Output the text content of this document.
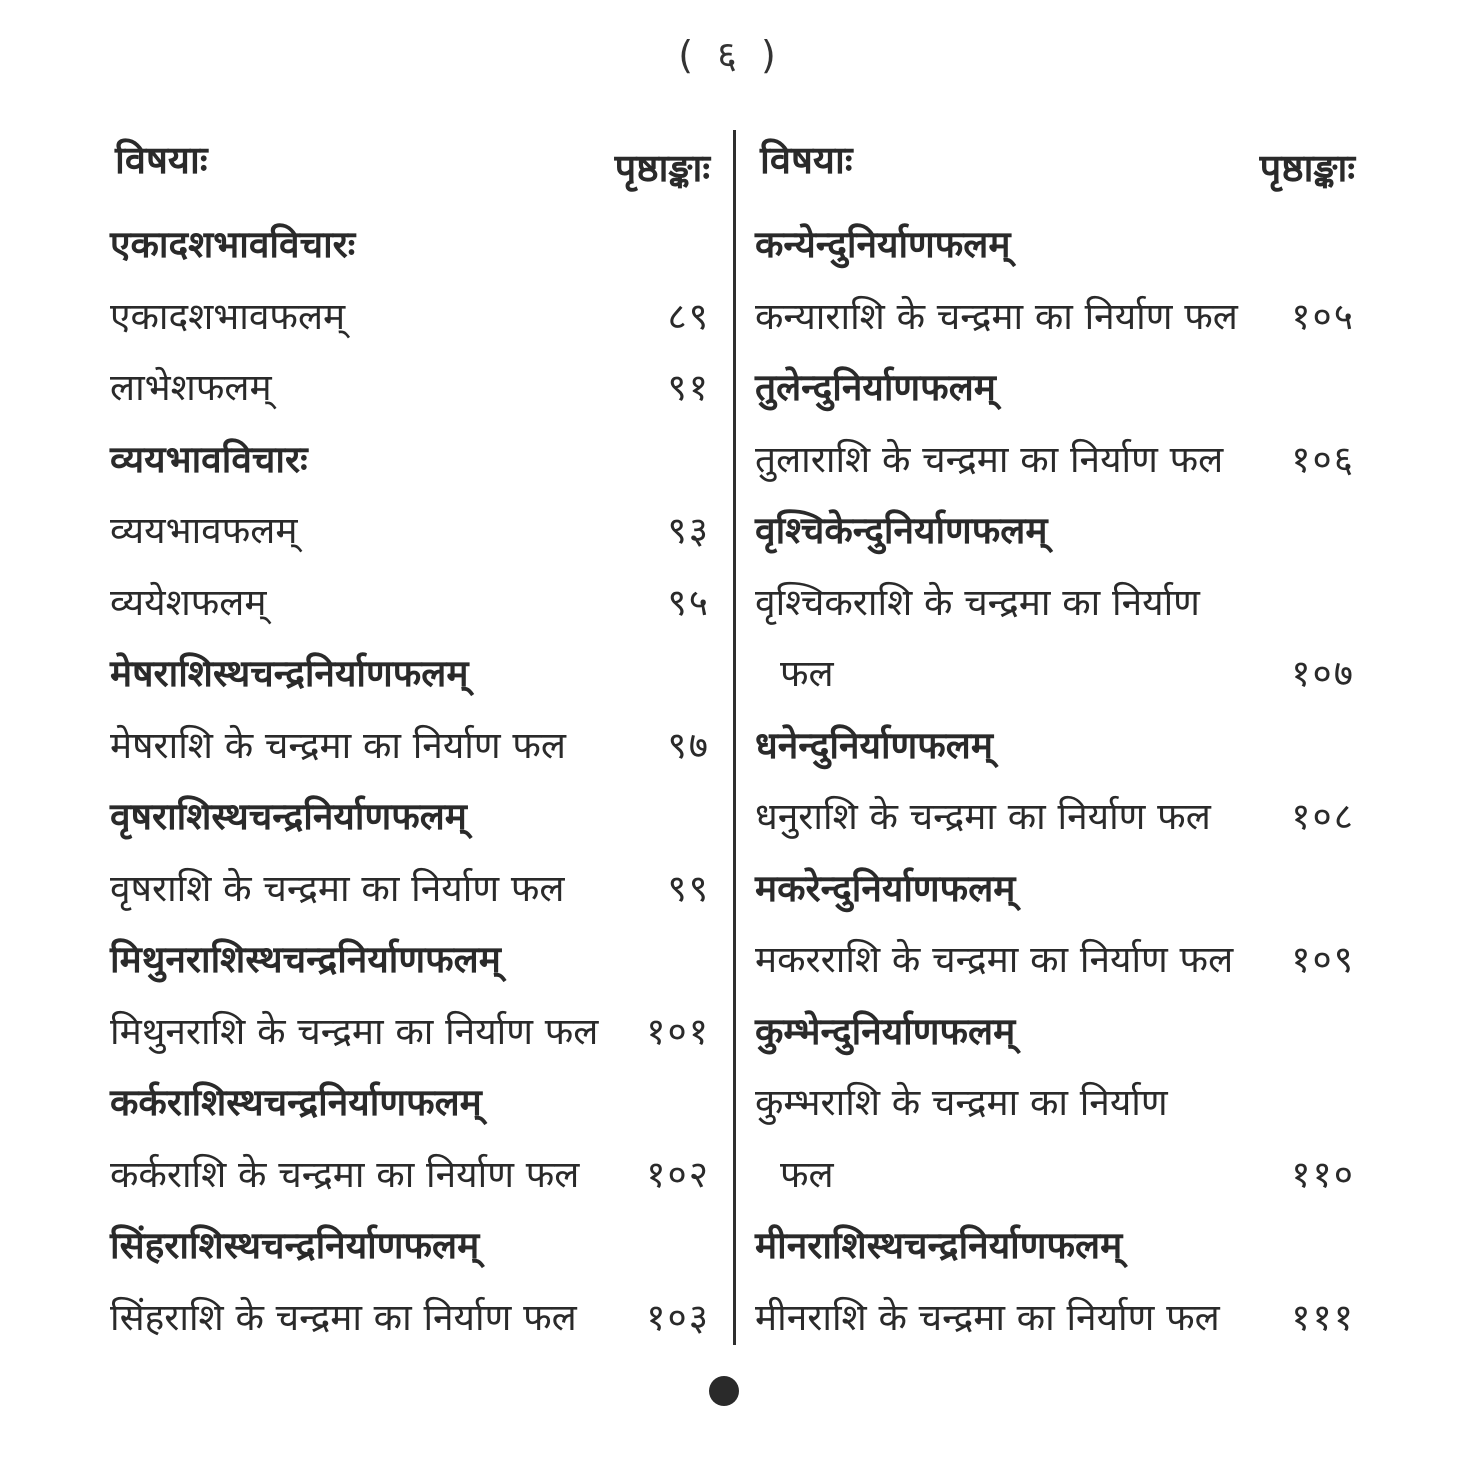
( ६ )
विषयाः	पृष्ठाङ्काः
एकादशभावविचारः
एकादशभावफलम्	८९
लाभेशफलम्	९१
व्ययभावविचारः
व्ययभावफलम्	९३
व्ययेशफलम्	९५
मेषराशिस्थचन्द्रनिर्याणफलम्
मेषराशि के चन्द्रमा का निर्याण फल	९७
वृषराशिस्थचन्द्रनिर्याणफलम्
वृषराशि के चन्द्रमा का निर्याण फल	९९
मिथुनराशिस्थचन्द्रनिर्याणफलम्
मिथुनराशि के चन्द्रमा का निर्याण फल १०१
कर्कराशिस्थचन्द्रनिर्याणफलम्
कर्कराशि के चन्द्रमा का निर्याण फल १०२
सिंहराशिस्थचन्द्रनिर्याणफलम्
सिंहराशि के चन्द्रमा का निर्याण फल १०३
विषयाः	पृष्ठाङ्काः
कन्येन्दुनिर्याणफलम्
कन्याराशि के चन्द्रमा का निर्याण फल १०५
तुलेन्दुनिर्याणफलम्
तुलाराशि के चन्द्रमा का निर्याण फल १०६
वृश्चिकेन्दुनिर्याणफलम्
वृश्चिकराशि के चन्द्रमा का निर्याण
फल	१०७
धनेन्दुनिर्याणफलम्
धनुराशि के चन्द्रमा का निर्याण फल १०८
मकरेन्दुनिर्याणफलम्
मकरराशि के चन्द्रमा का निर्याण फल १०९
कुम्भेन्दुनिर्याणफलम्
कुम्भराशि के चन्द्रमा का निर्याण
फल	११०
मीनराशिस्थचन्द्रनिर्याणफलम्
मीनराशि के चन्द्रमा का निर्याण फल १११
